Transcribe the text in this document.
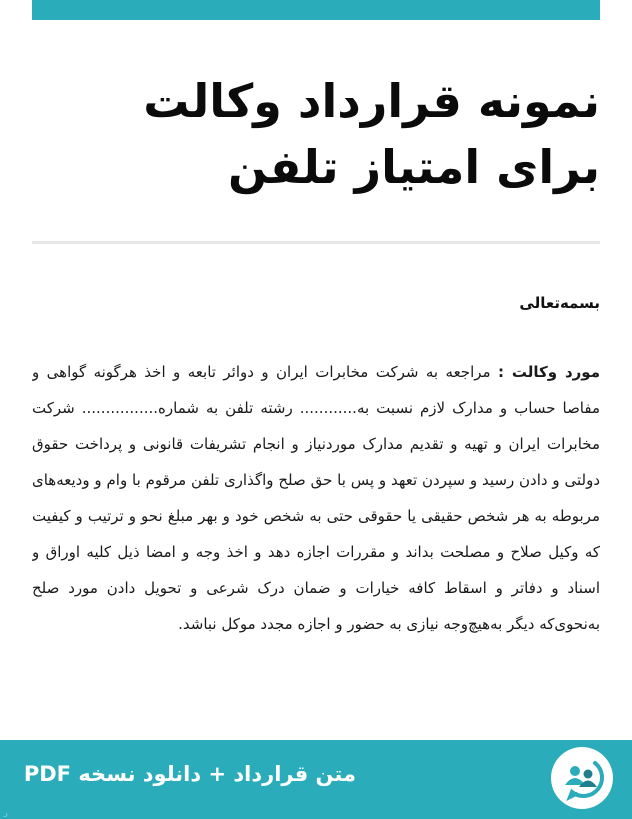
نمونه قرارداد وکالت برای امتیاز تلفن

بسمه‌تعالی

مورد وکالت : مراجعه به شرکت مخابرات ایران و دوائر تابعه و اخذ هرگونه گواهی و مفاصا حساب و مدارک لازم نسبت به............ رشته تلفن به شماره................ شرکت مخابرات ایران و تهیه و تقدیم مدارک موردنیاز و انجام تشریفات قانونی و پرداخت حقوق دولتی و دادن رسید و سپردن تعهد و پس با حق صلح واگذاری تلفن مرقوم با وام و ودیعه‌های مربوطه به هر شخص حقیقی یا حقوقی حتی به شخص خود و بهر مبلغ نحو و ترتیب و کیفیت که وکیل صلاح و مصلحت بداند و مقررات اجازه دهد و اخذ وجه و امضا ذیل کلیه اوراق و اسناد و دفاتر و اسقاط کافه خیارات و ضمان درک شرعی و تحویل دادن مورد صلح به‌نحوی‌که دیگر به‌هیچ‌وجه نیازی به حضور و اجازه مجدد موکل نباشد.

متن قرارداد + دانلود نسخه PDF
ر
